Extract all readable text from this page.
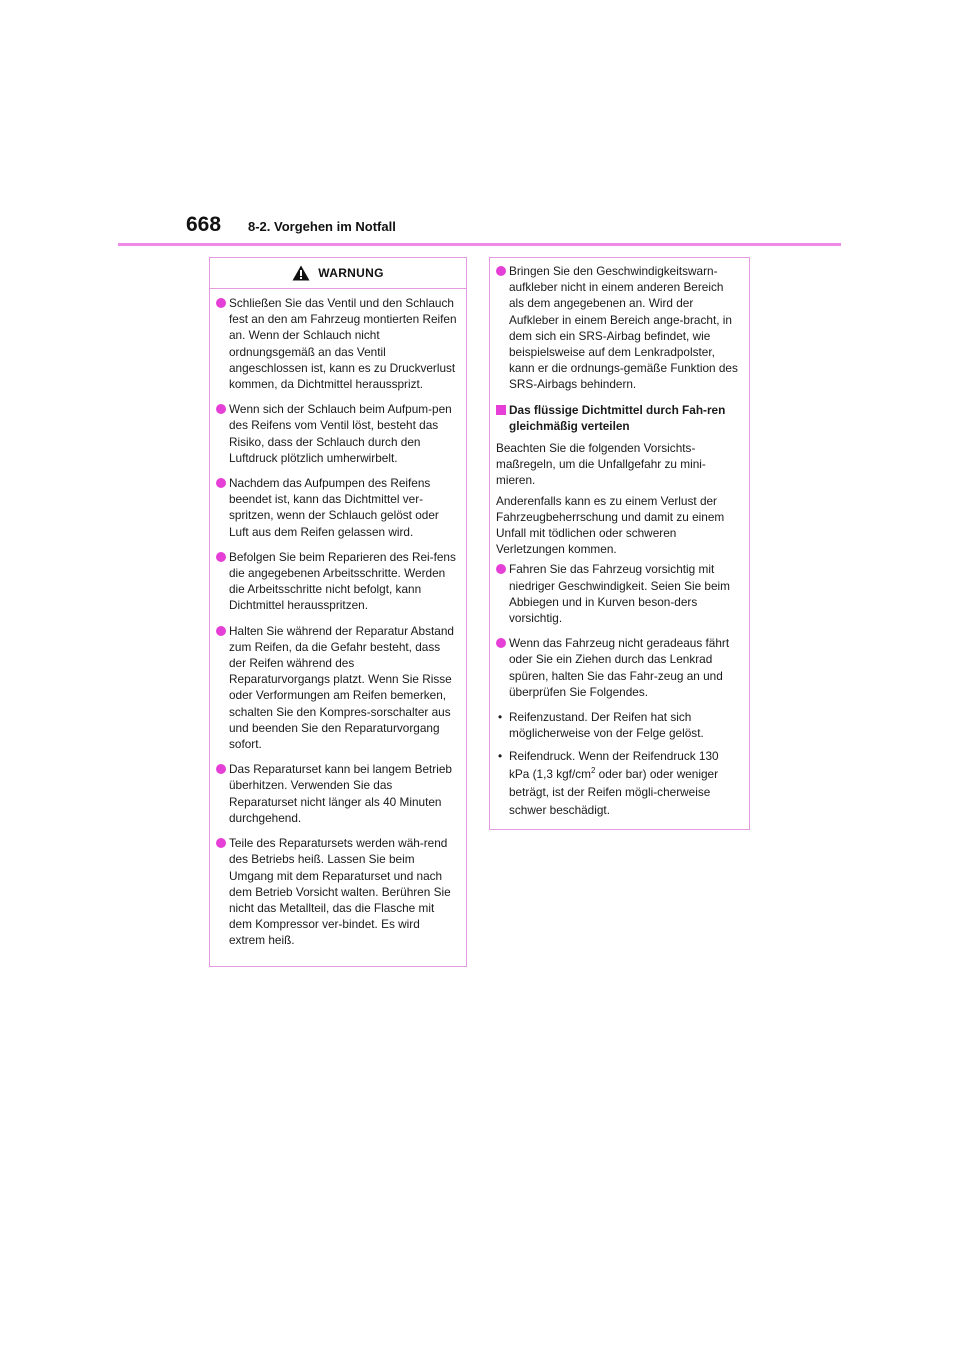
668 8-2. Vorgehen im Notfall
WARNUNG
Schließen Sie das Ventil und den Schlauch fest an den am Fahrzeug montierten Reifen an. Wenn der Schlauch nicht ordnungsgemäß an das Ventil angeschlossen ist, kann es zu Druckverlust kommen, da Dichtmittel heraussprizt.
Wenn sich der Schlauch beim Aufpum-pen des Reifens vom Ventil löst, besteht das Risiko, dass der Schlauch durch den Luftdruck plötzlich umherwirbelt.
Nachdem das Aufpumpen des Reifens beendet ist, kann das Dichtmittel ver-spritzen, wenn der Schlauch gelöst oder Luft aus dem Reifen gelassen wird.
Befolgen Sie beim Reparieren des Rei-fens die angegebenen Arbeitsschritte. Werden die Arbeitsschritte nicht befolgt, kann Dichtmittel herausspritzen.
Halten Sie während der Reparatur Abstand zum Reifen, da die Gefahr besteht, dass der Reifen während des Reparaturvorgangs platzt. Wenn Sie Risse oder Verformungen am Reifen bemerken, schalten Sie den Kompres-sorschalter aus und beenden Sie den Reparaturvorgang sofort.
Das Reparaturset kann bei langem Betrieb überhitzen. Verwenden Sie das Reparaturset nicht länger als 40 Minuten durchgehend.
Teile des Reparatursets werden wäh-rend des Betriebs heiß. Lassen Sie beim Umgang mit dem Reparaturset und nach dem Betrieb Vorsicht walten. Berühren Sie nicht das Metallteil, das die Flasche mit dem Kompressor ver-bindet. Es wird extrem heiß.
Bringen Sie den Geschwindigkeitswarn-aufkleber nicht in einem anderen Bereich als dem angegebenen an. Wird der Aufkleber in einem Bereich ange-bracht, in dem sich ein SRS-Airbag befindet, wie beispielsweise auf dem Lenkradpolster, kann er die ordnungs-gemäße Funktion des SRS-Airbags behindern.
Das flüssige Dichtmittel durch Fah-ren gleichmäßig verteilen
Beachten Sie die folgenden Vorsichts-maßregeln, um die Unfallgefahr zu mini-mieren.
Anderenfalls kann es zu einem Verlust der Fahrzeugbeherrschung und damit zu einem Unfall mit tödlichen oder schweren Verletzungen kommen.
Fahren Sie das Fahrzeug vorsichtig mit niedriger Geschwindigkeit. Seien Sie beim Abbiegen und in Kurven beson-ders vorsichtig.
Wenn das Fahrzeug nicht geradeaus fährt oder Sie ein Ziehen durch das Lenkrad spüren, halten Sie das Fahr-zeug an und überprüfen Sie Folgendes.
• Reifenzustand. Der Reifen hat sich möglicherweise von der Felge gelöst.
• Reifendruck. Wenn der Reifendruck 130 kPa (1,3 kgf/$cm^2$ oder bar) oder weniger beträgt, ist der Reifen mögli-cherweise schwer beschädigt.
